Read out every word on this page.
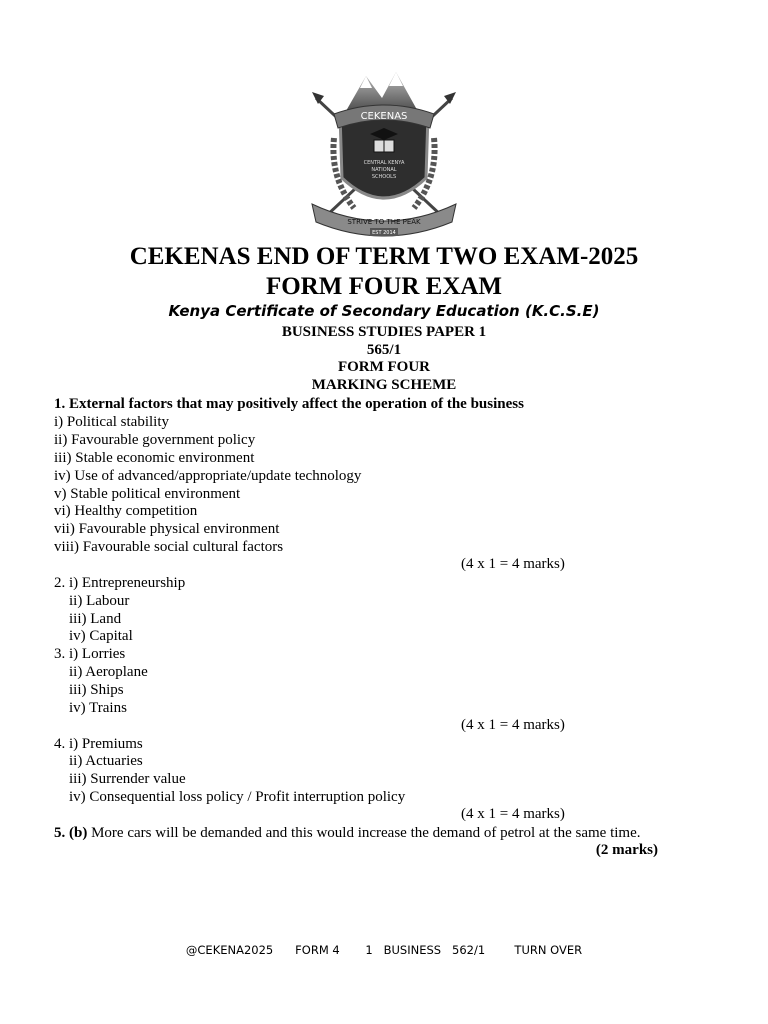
CEKENAS
CENTRAL KENYA
NATIONAL
SCHOOLS
STRIVE TO THE PEAK
EST 2014
CEKENAS END OF TERM TWO EXAM-2025
FORM FOUR EXAM
Kenya Certificate of Secondary Education (K.C.S.E)
BUSINESS STUDIES PAPER 1
565/1
FORM FOUR
MARKING SCHEME
1. External factors that may positively affect the operation of the business
i) Political stability
ii) Favourable government policy
iii) Stable economic environment
iv) Use of advanced/appropriate/update technology
v) Stable political environment
vi) Healthy competition
vii) Favourable physical environment
viii) Favourable social cultural factors
(4 x 1 = 4 marks)
2. i) Entrepreneurship
ii) Labour
iii) Land
iv) Capital
3. i) Lorries
ii) Aeroplane
iii) Ships
iv) Trains
(4 x 1 = 4 marks)
4. i) Premiums
ii) Actuaries
iii) Surrender value
iv) Consequential loss policy / Profit interruption policy
(4 x 1 = 4 marks)
5. (b) More cars will be demanded and this would increase the demand of petrol at the same time.
(2 marks)
@CEKENA2025      FORM 4       1   BUSINESS   562/1        TURN OVER
